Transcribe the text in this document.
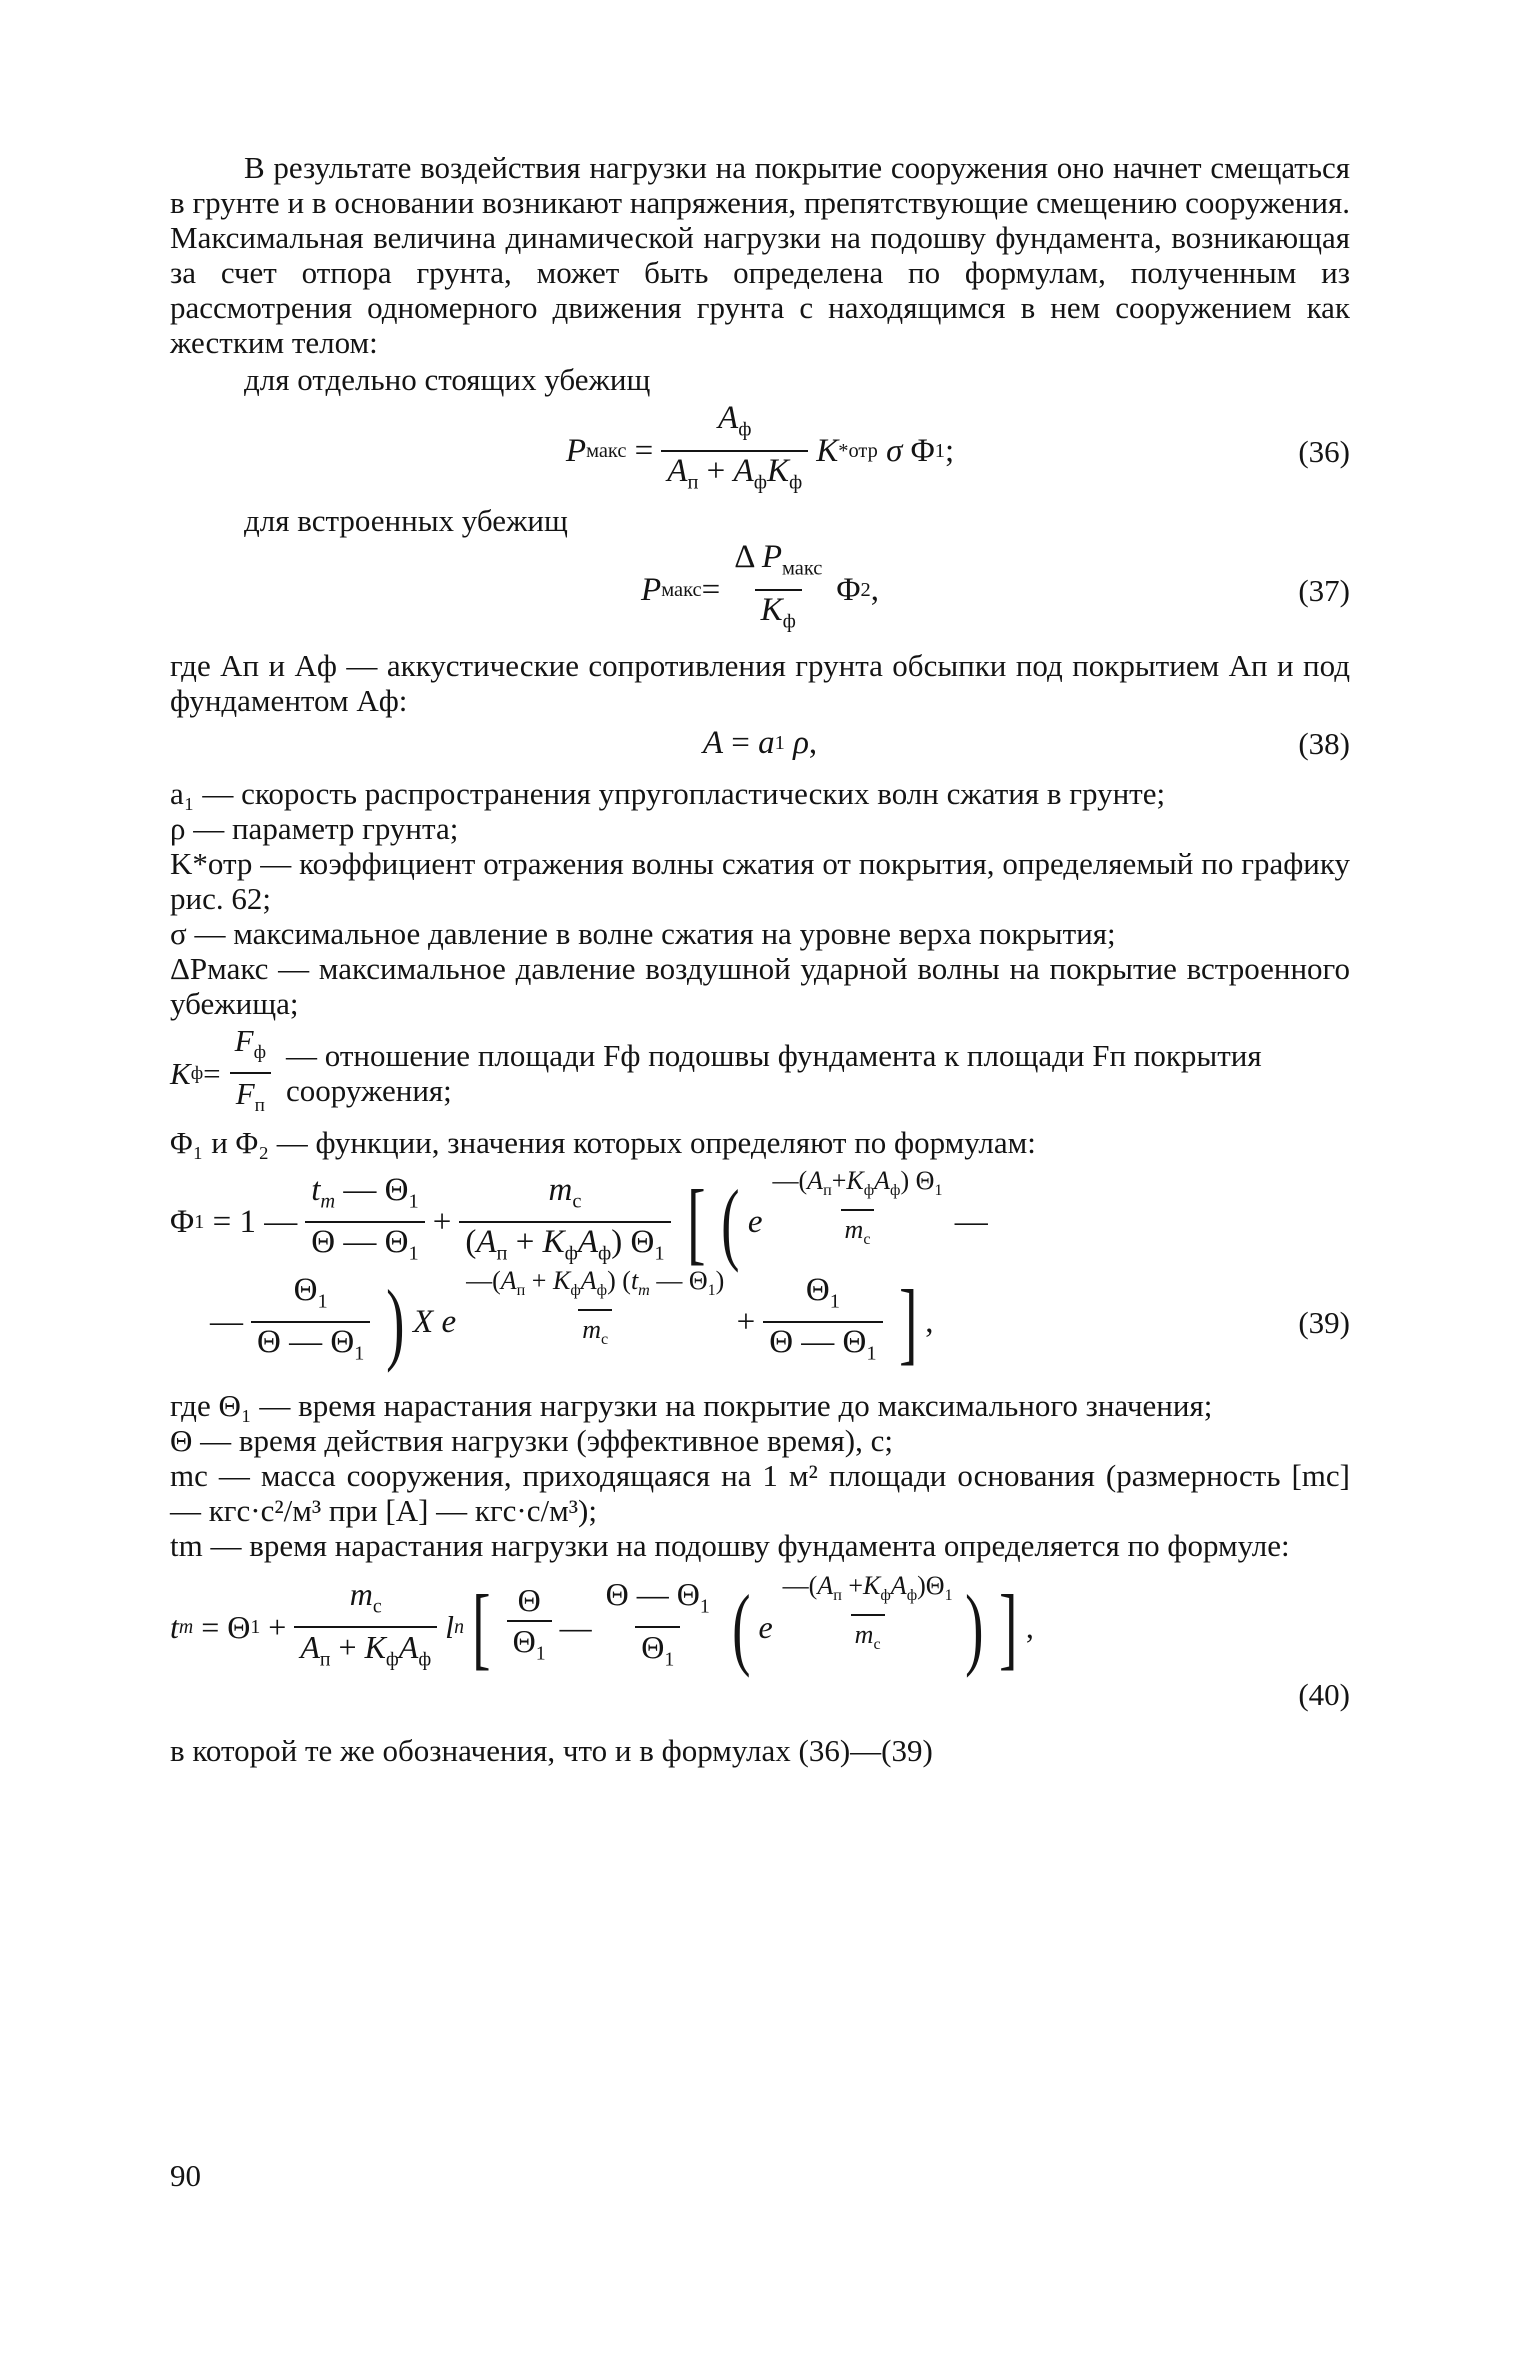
В результате воздействия нагрузки на покрытие сооружения оно начнет смещаться в грунте и в основании возникают напряжения, препятствующие смещению сооружения. Максимальная величина динамической нагрузки на подошву фундамента, возникающая за счет отпора грунта, может быть определена по формулам, полученным из рассмотрения одномерного движения грунта с находящимся в нем сооружением как жестким телом:

для отдельно стоящих убежищ

P макс = $\frac{A_ф}{A_п + A_фK_ф}$ K * отр
σ Φ 1 ;	(36)

для встроенных убежищ

P макс = $\frac{\Delta P_{макс}}{K_ф}$ Φ 2 ,	(37)

где Aп и Aф — аккустические сопротивления грунта обсыпки под покрытием Aп и под фундаментом Aф:

A = a 1
ρ ,	(38)

a₁ — скорость распространения упругопластических волн сжатия в грунте;

ρ — параметр грунта;

K*отр — коэффициент отражения волны сжатия от покрытия, определяемый по графику рис. 62;

σ — максимальное давление в волне сжатия на уровне верха покрытия;

ΔPмакс — максимальное давление воздушной ударной волны на покрытие встроенного убежища;

K $ф = \frac{F_ф}{F_п}$ — отношение площади Fф подошвы фундамента к площади Fп покрытия сооружения;

Φ₁ и Φ₂ — функции, значения которых определяют по формулам:

Φ 1 = 1 — $\frac{t_m — \Theta_1}{\Theta — \Theta_1} + \frac{m_с}{(A_п + K_фA_ф) \Theta_1}$ [ ( e $\frac{—(A_п+K_фA_ф) \Theta_1}{m_с}$ —
— $\frac{\Theta_1}{\Theta — \Theta_1}$ ) X
e $\frac{—(A_п + K_фA_ф) (t_m — \Theta_1)}{m_с} + \frac{\Theta_1}{\Theta — \Theta_1}$ ] ,	(39)

где Θ₁ — время нарастания нагрузки на покрытие до максимального значения;

Θ — время действия нагрузки (эффективное время), с;

mс — масса сооружения, приходящаяся на 1 м² площади основания (размерность [mс] — кгс·с²/м³ при [A] — кгс·с/м³);

tm — время нарастания нагрузки на подошву фундамента определяется по формуле:

t m = Θ $1 + \frac{m_с}{A_п + K_фA_ф}$ l n [ $\frac{\Theta}{\Theta_1}$ — $\frac{\Theta — \Theta_1}{\Theta_1}$ ( e $\frac{—(A_п +K_фA_ф)\Theta_1}{m_с}$ ) ] ,
(40)

в которой те же обозначения, что и в формулах (36)—(39)

90
